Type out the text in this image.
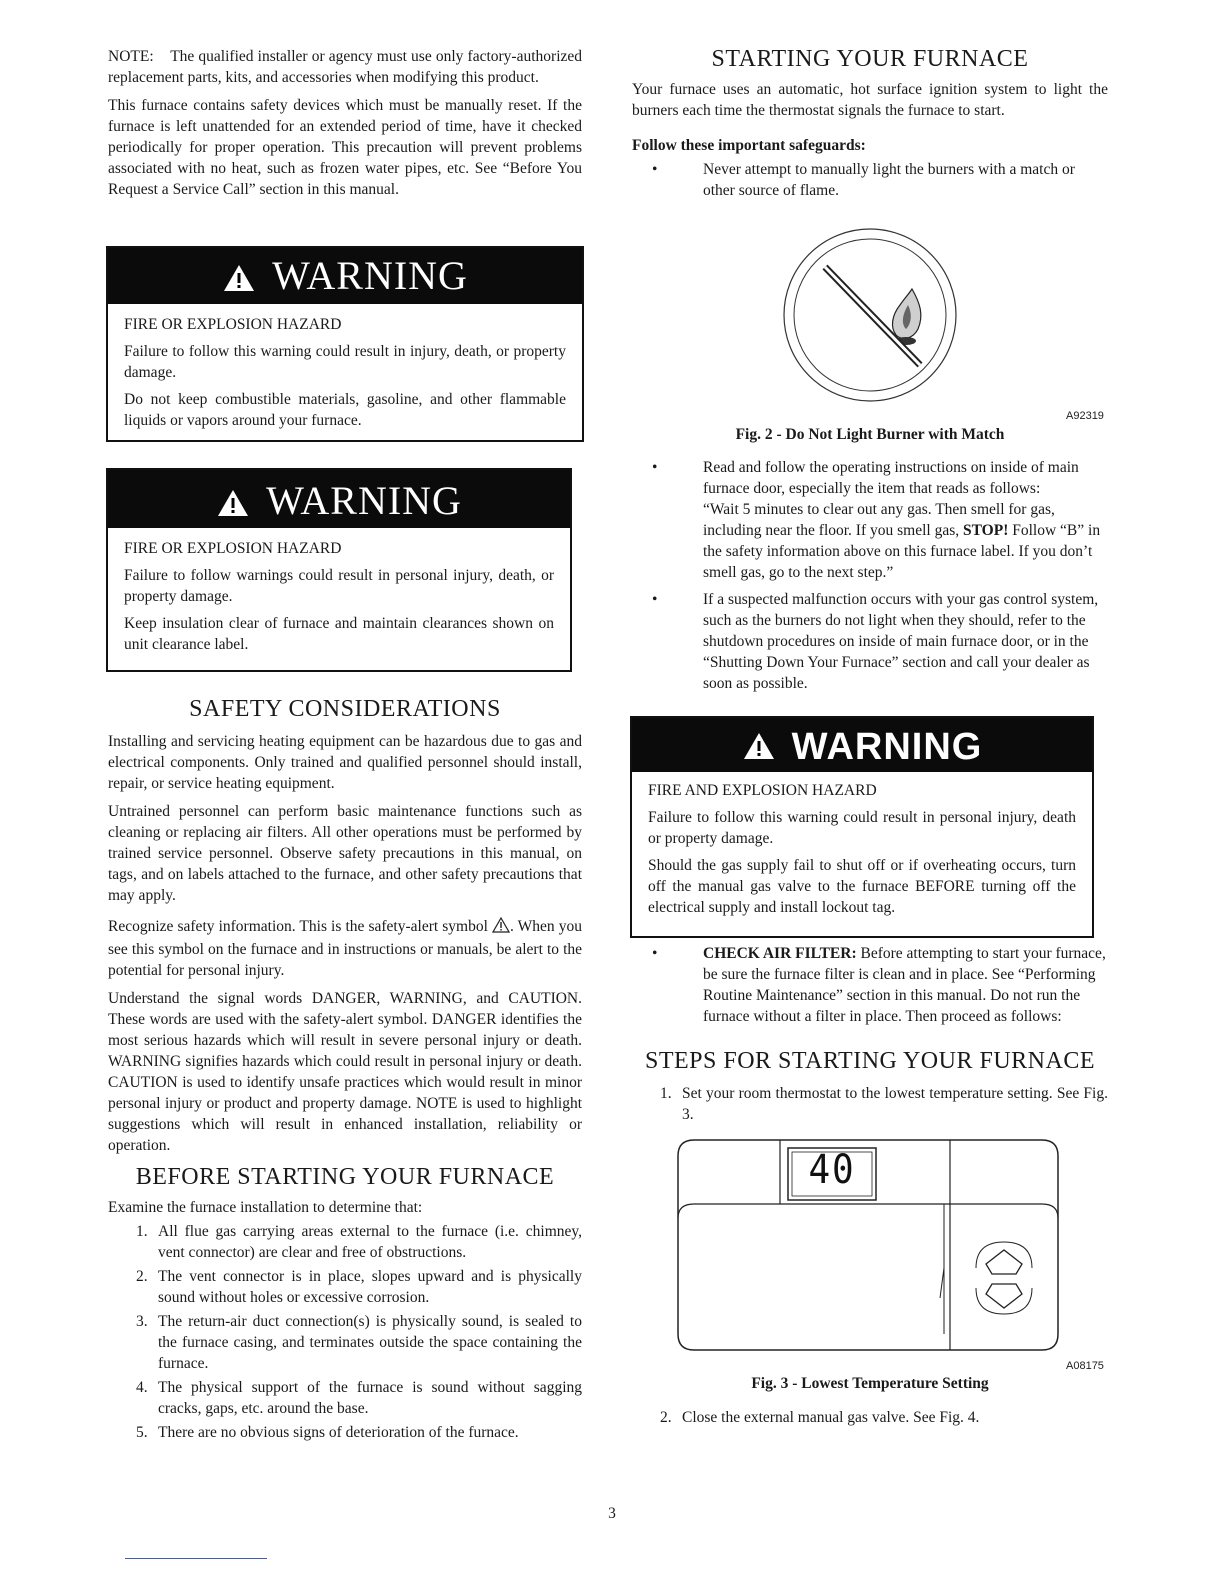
NOTE: The qualified installer or agency must use only factory-authorized replacement parts, kits, and accessories when modifying this product.

This furnace contains safety devices which must be manually reset. If the furnace is left unattended for an extended period of time, have it checked periodically for proper operation. This precaution will prevent problems associated with no heat, such as frozen water pipes, etc. See “Before You Request a Service Call” section in this manual.

WARNING
FIRE OR EXPLOSION HAZARD

Failure to follow this warning could result in injury, death, or property damage.

Do not keep combustible materials, gasoline, and other flammable liquids or vapors around your furnace.

WARNING
FIRE OR EXPLOSION HAZARD

Failure to follow warnings could result in personal injury, death, or property damage.

Keep insulation clear of furnace and maintain clearances shown on unit clearance label.

SAFETY CONSIDERATIONS

Installing and servicing heating equipment can be hazardous due to gas and electrical components. Only trained and qualified personnel should install, repair, or service heating equipment.

Untrained personnel can perform basic maintenance functions such as cleaning or replacing air filters. All other operations must be performed by trained service personnel. Observe safety precautions in this manual, on tags, and on labels attached to the furnace, and other safety precautions that may apply.

Recognize safety information. This is the safety-alert symbol . When you see this symbol on the furnace and in instructions or manuals, be alert to the potential for personal injury.

Understand the signal words DANGER, WARNING, and CAUTION. These words are used with the safety-alert symbol. DANGER identifies the most serious hazards which will result in severe personal injury or death. WARNING signifies hazards which could result in personal injury or death. CAUTION is used to identify unsafe practices which would result in minor personal injury or product and property damage. NOTE is used to highlight suggestions which will result in enhanced installation, reliability or operation.

BEFORE STARTING YOUR FURNACE

Examine the furnace installation to determine that:

1. All flue gas carrying areas external to the furnace (i.e. chimney, vent connector) are clear and free of obstructions.
2. The vent connector is in place, slopes upward and is physically sound without holes or excessive corrosion.
3. The return-air duct connection(s) is physically sound, is sealed to the furnace casing, and terminates outside the space containing the furnace.
4. The physical support of the furnace is sound without sagging cracks, gaps, etc. around the base.
5. There are no obvious signs of deterioration of the furnace.
STARTING YOUR FURNACE

Your furnace uses an automatic, hot surface ignition system to light the burners each time the thermostat signals the furnace to start.

Follow these important safeguards:

•	Never attempt to manually light the burners with a match or other source of flame.
A92319
Fig. 2 - Do Not Light Burner with Match
•	Read and follow the operating instructions on inside of main furnace door, especially the item that reads as follows:
“Wait 5 minutes to clear out any gas. Then smell for gas, including near the floor. If you smell gas, STOP! Follow “B” in the safety information above on this furnace label. If you don’t smell gas, go to the next step.”
•	If a suspected malfunction occurs with your gas control system, such as the burners do not light when they should, refer to the shutdown procedures on inside of main furnace door, or in the “Shutting Down Your Furnace” section and call your dealer as soon as possible.
WARNING
FIRE AND EXPLOSION HAZARD

Failure to follow this warning could result in personal injury, death or property damage.

Should the gas supply fail to shut off or if overheating occurs, turn off the manual gas valve to the furnace BEFORE turning off the electrical supply and install lockout tag.

•	CHECK AIR FILTER: Before attempting to start your furnace, be sure the furnace filter is clean and in place. See “Performing Routine Maintenance” section in this manual. Do not run the furnace without a filter in place. Then proceed as follows:
STEPS FOR STARTING YOUR FURNACE
1. Set your room thermostat to the lowest temperature setting. See Fig. 3.
40
A08175
Fig. 3 - Lowest Temperature Setting
2. Close the external manual gas valve. See Fig. 4.
3
